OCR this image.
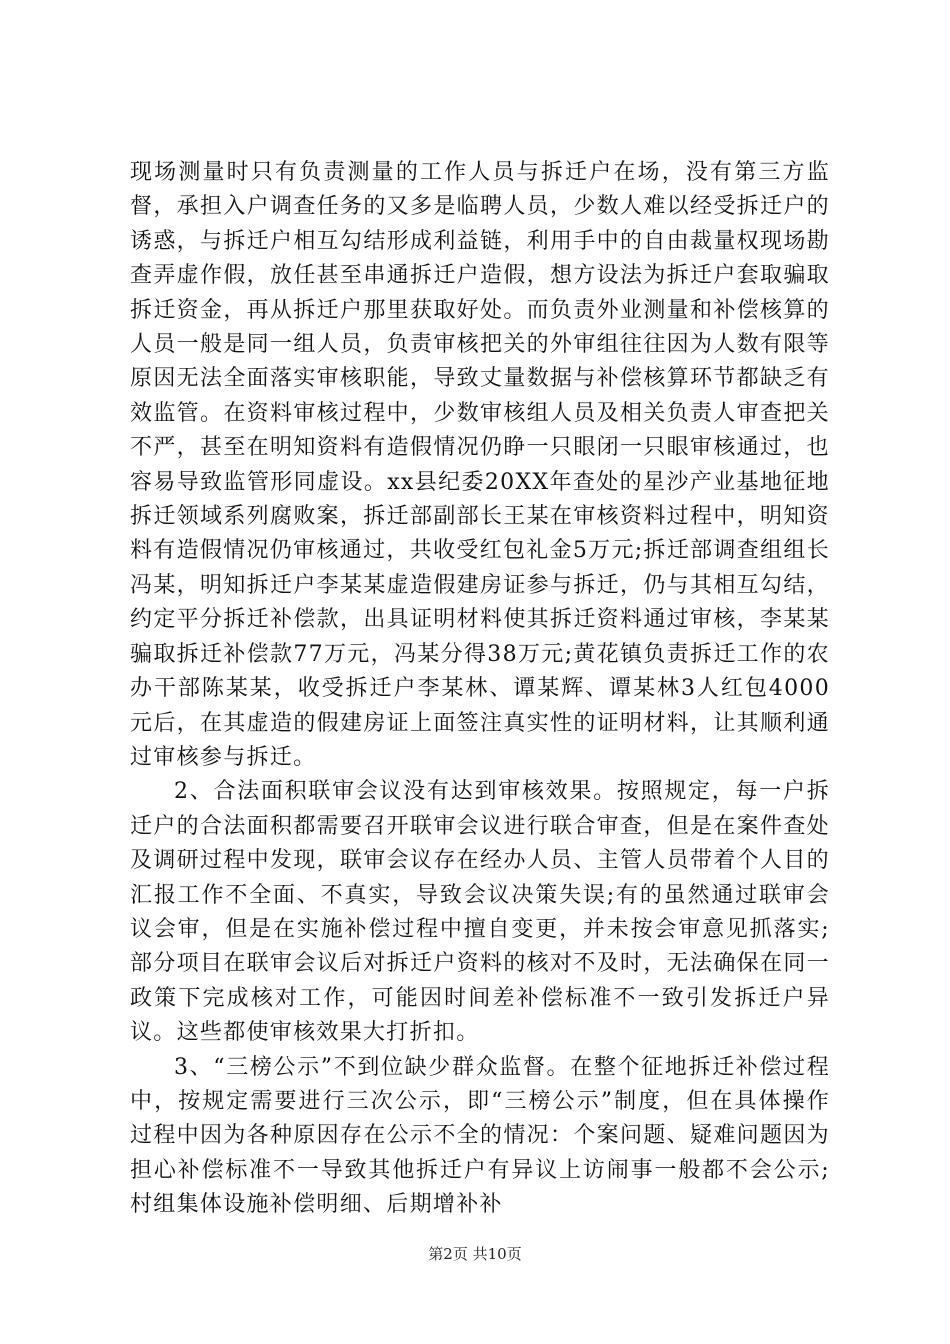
现场测量时只有负责测量的工作人员与拆迁户在场，没有第三方监督，承担入户调查任务的又多是临聘人员，少数人难以经受拆迁户的诱惑，与拆迁户相互勾结形成利益链，利用手中的自由裁量权现场勘查弄虚作假，放任甚至串通拆迁户造假，想方设法为拆迁户套取骗取拆迁资金，再从拆迁户那里获取好处。而负责外业测量和补偿核算的人员一般是同一组人员，负责审核把关的外审组往往因为人数有限等原因无法全面落实审核职能，导致丈量数据与补偿核算环节都缺乏有效监管。在资料审核过程中，少数审核组人员及相关负责人审查把关不严，甚至在明知资料有造假情况仍睁一只眼闭一只眼审核通过，也容易导致监管形同虚设。xx县纪委20XX年查处的星沙产业基地征地拆迁领域系列腐败案，拆迁部副部长王某在审核资料过程中，明知资料有造假情况仍审核通过，共收受红包礼金5万元;拆迁部调查组组长冯某，明知拆迁户李某某虚造假建房证参与拆迁，仍与其相互勾结，约定平分拆迁补偿款，出具证明材料使其拆迁资料通过审核，李某某骗取拆迁补偿款77万元，冯某分得38万元;黄花镇负责拆迁工作的农办干部陈某某，收受拆迁户李某林、谭某辉、谭某林3人红包4000元后，在其虚造的假建房证上面签注真实性的证明材料，让其顺利通过审核参与拆迁。

2、合法面积联审会议没有达到审核效果。按照规定，每一户拆迁户的合法面积都需要召开联审会议进行联合审查，但是在案件查处及调研过程中发现，联审会议存在经办人员、主管人员带着个人目的汇报工作不全面、不真实，导致会议决策失误;有的虽然通过联审会议会审，但是在实施补偿过程中擅自变更，并未按会审意见抓落实;部分项目在联审会议后对拆迁户资料的核对不及时，无法确保在同一政策下完成核对工作，可能因时间差补偿标准不一致引发拆迁户异议。这些都使审核效果大打折扣。

3、“三榜公示”不到位缺少群众监督。在整个征地拆迁补偿过程中，按规定需要进行三次公示，即“三榜公示”制度，但在具体操作过程中因为各种原因存在公示不全的情况：个案问题、疑难问题因为担心补偿标准不一导致其他拆迁户有异议上访闹事一般都不会公示;村组集体设施补偿明细、后期增补补

第2页 共10页
